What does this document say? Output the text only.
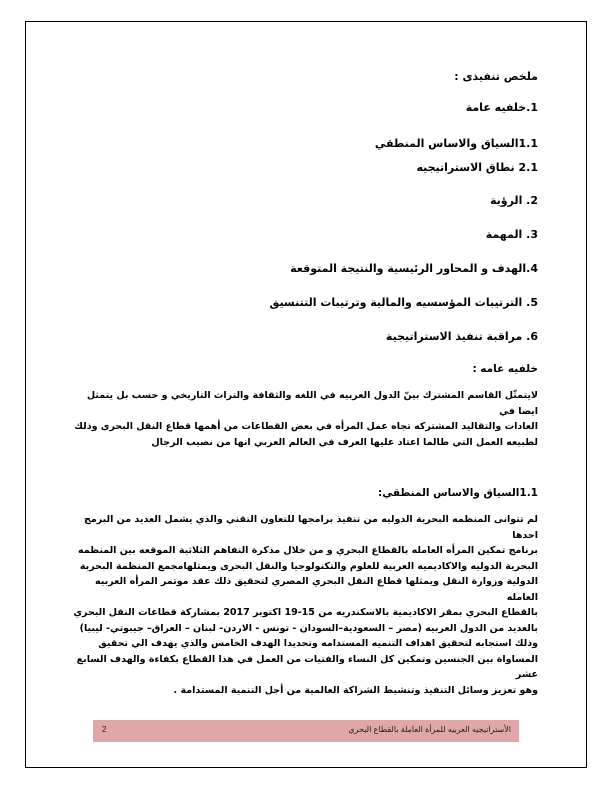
ملخص تنفيذى :
1.خلفيه عامة
1.1السياق والاساس المنطقي
2.1 نطاق الاستراتيجيه
2. الرؤية
3. المهمة
4.الهدف و المحاور الرئيسية والنتيجة المتوقعة
5. الترتيبات المؤسسيه والمالية وترتيبات التتنسيق
6. مراقبة تنفيذ الاستراتيجية
خلفيه عامه :
لايتمثّل القاسم المشترك بينّ الدول العربيه في اللغه والثقافة والتراث التاريخي و حسب بل يتمثل ايضا في
العادات والتقاليد المشتركه تجاه عمل المرأه في بعض القطاعات من أهمها قطاع النقل البحرى وذلك
لطبيعه العمل التي طالما اعتاد عليها العرف في العالم العربي انها من نصيب الرجال
1.1السياق والاساس المنطقي:
لم تتوانى المنظمه البحرية الدوليه من تنفيذ برامجها للتعاون التقني والذي يشمل العديد من البرمج احدها
برنامج تمكين المرأه العامله بالقطاع البحري و من خلال مذكرة التفاهم الثلاثية الموقعه بين المنظمه
البحرية الدوليه والاكاديميه العربية للعلوم والتكنولوجيا والنقل البحرى ويمثلهامجمع المنظمة البحرية
الدولية وزوارة النقل ويمثلها قطاع النقل البحري المصري لتحقيق ذلك عقد موتمر المرأه العربيه العامله
بالقطاع البحري بمقر الاكاديمية بالاسكندريه من 15-19 اكتوبر 2017 بمشاركة قطاعات النقل البحري
بالعديد من الدول العربيه (مصر – السعودية–السودان - تونس - الاردن- لبنان – العراق– جيبوتي- ليبيا)
وذلك استجابه لتحقيق اهداف التنميه المستدامه وتحديدا الهدف الخامس والذي يهدف الي تحقيق
المساواة بين الجنسين وتمكين كل النساء والفتيات من العمل في هذا القطاع بكفاءة والهدف السابع عشر
وهو تعزيز وسائل التنفيذ وتنشيط الشراكة العالمية من أجل التنمية المستدامة .
2	الأستراتيجيه العربيه للمرأة العاملة بالقطاع البحري
